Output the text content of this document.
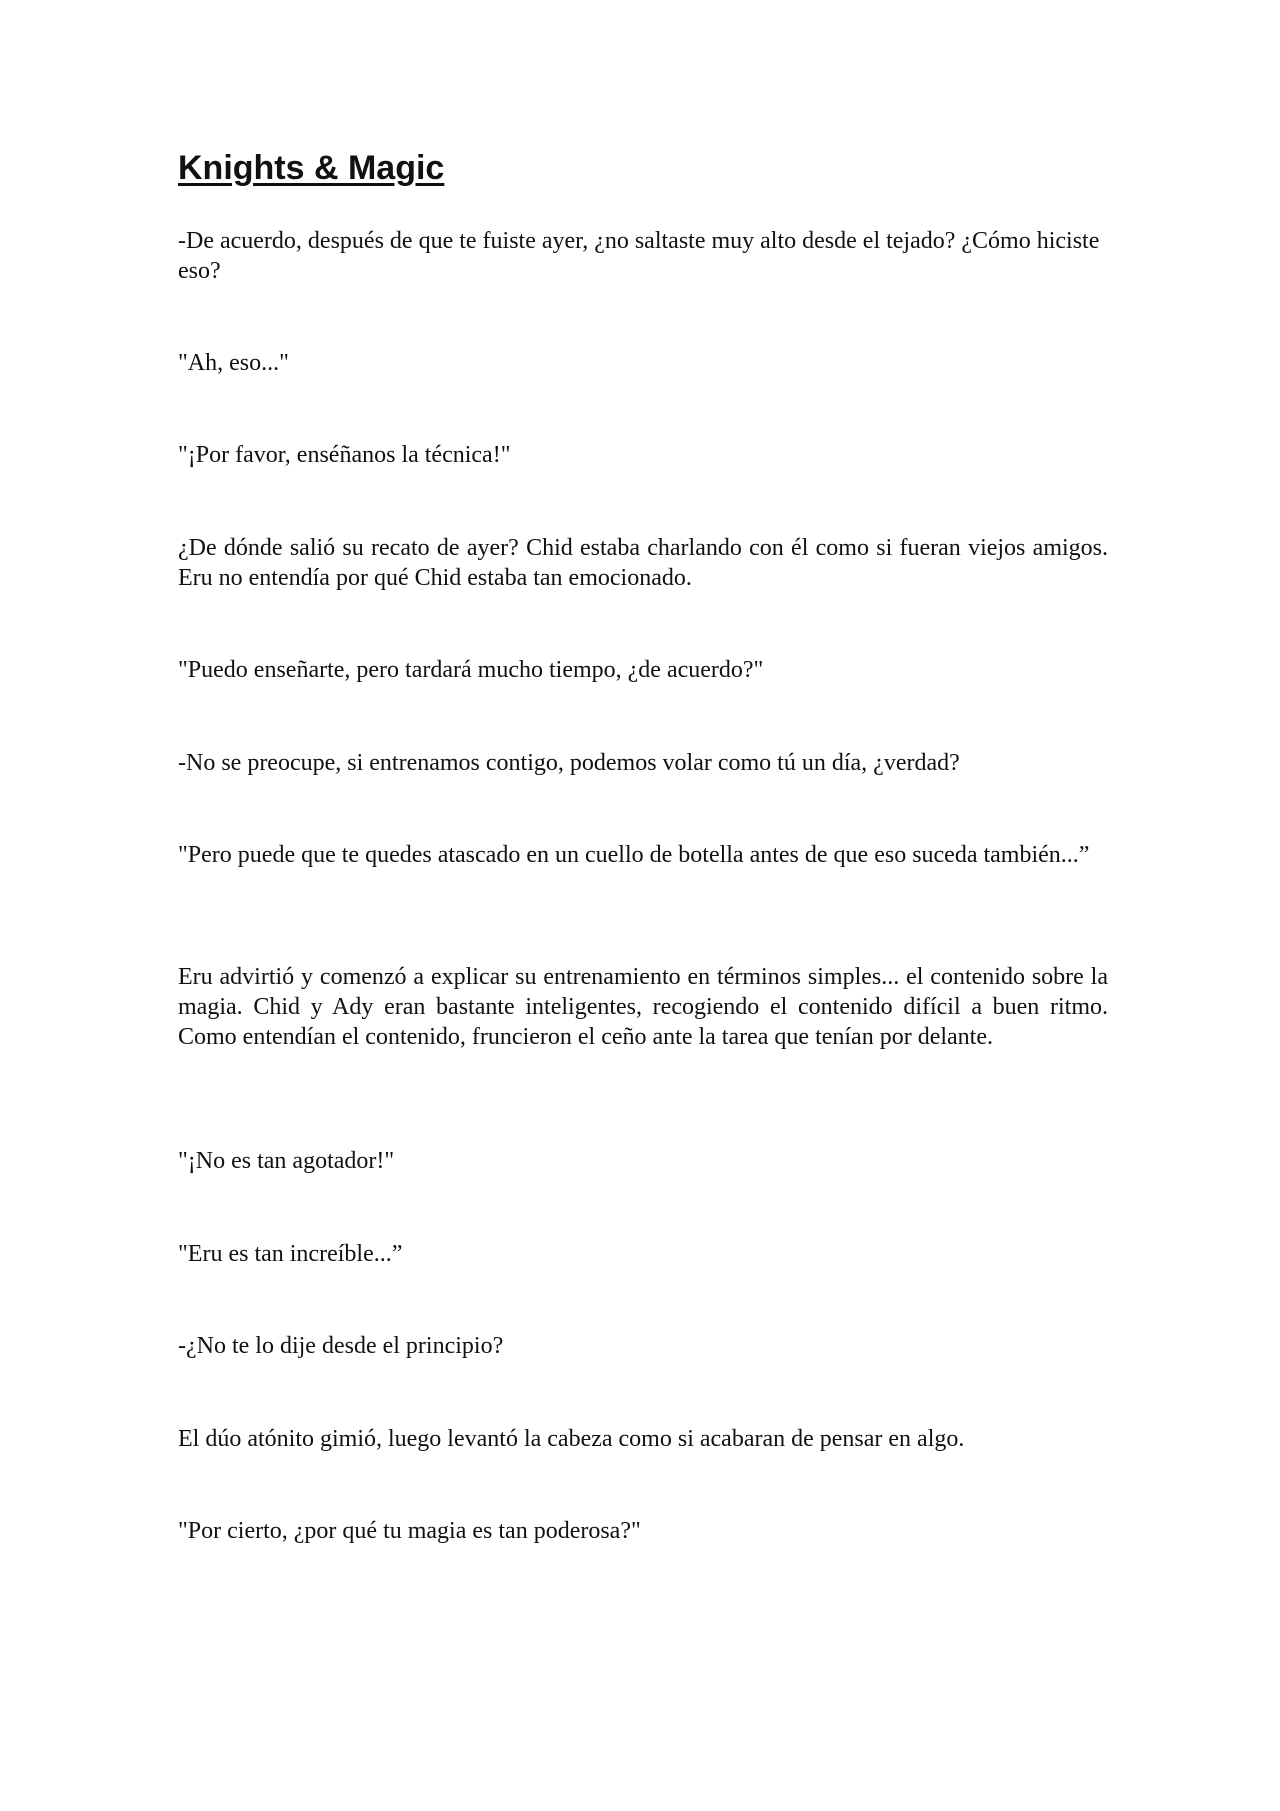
Knights & Magic

-De acuerdo, después de que te fuiste ayer, ¿no saltaste muy alto desde el tejado? ¿Cómo hiciste eso?

"Ah, eso..."

"¡Por favor, enséñanos la técnica!"

¿De dónde salió su recato de ayer? Chid estaba charlando con él como si fueran viejos amigos. Eru no entendía por qué Chid estaba tan emocionado.

"Puedo enseñarte, pero tardará mucho tiempo, ¿de acuerdo?"

-No se preocupe, si entrenamos contigo, podemos volar como tú un día, ¿verdad?

"Pero puede que te quedes atascado en un cuello de botella antes de que eso suceda también...”

Eru advirtió y comenzó a explicar su entrenamiento en términos simples... el contenido sobre la magia. Chid y Ady eran bastante inteligentes, recogiendo el contenido difícil a buen ritmo. Como entendían el contenido, fruncieron el ceño ante la tarea que tenían por delante.

"¡No es tan agotador!"

"Eru es tan increíble...”

-¿No te lo dije desde el principio?

El dúo atónito gimió, luego levantó la cabeza como si acabaran de pensar en algo.

"Por cierto, ¿por qué tu magia es tan poderosa?"
